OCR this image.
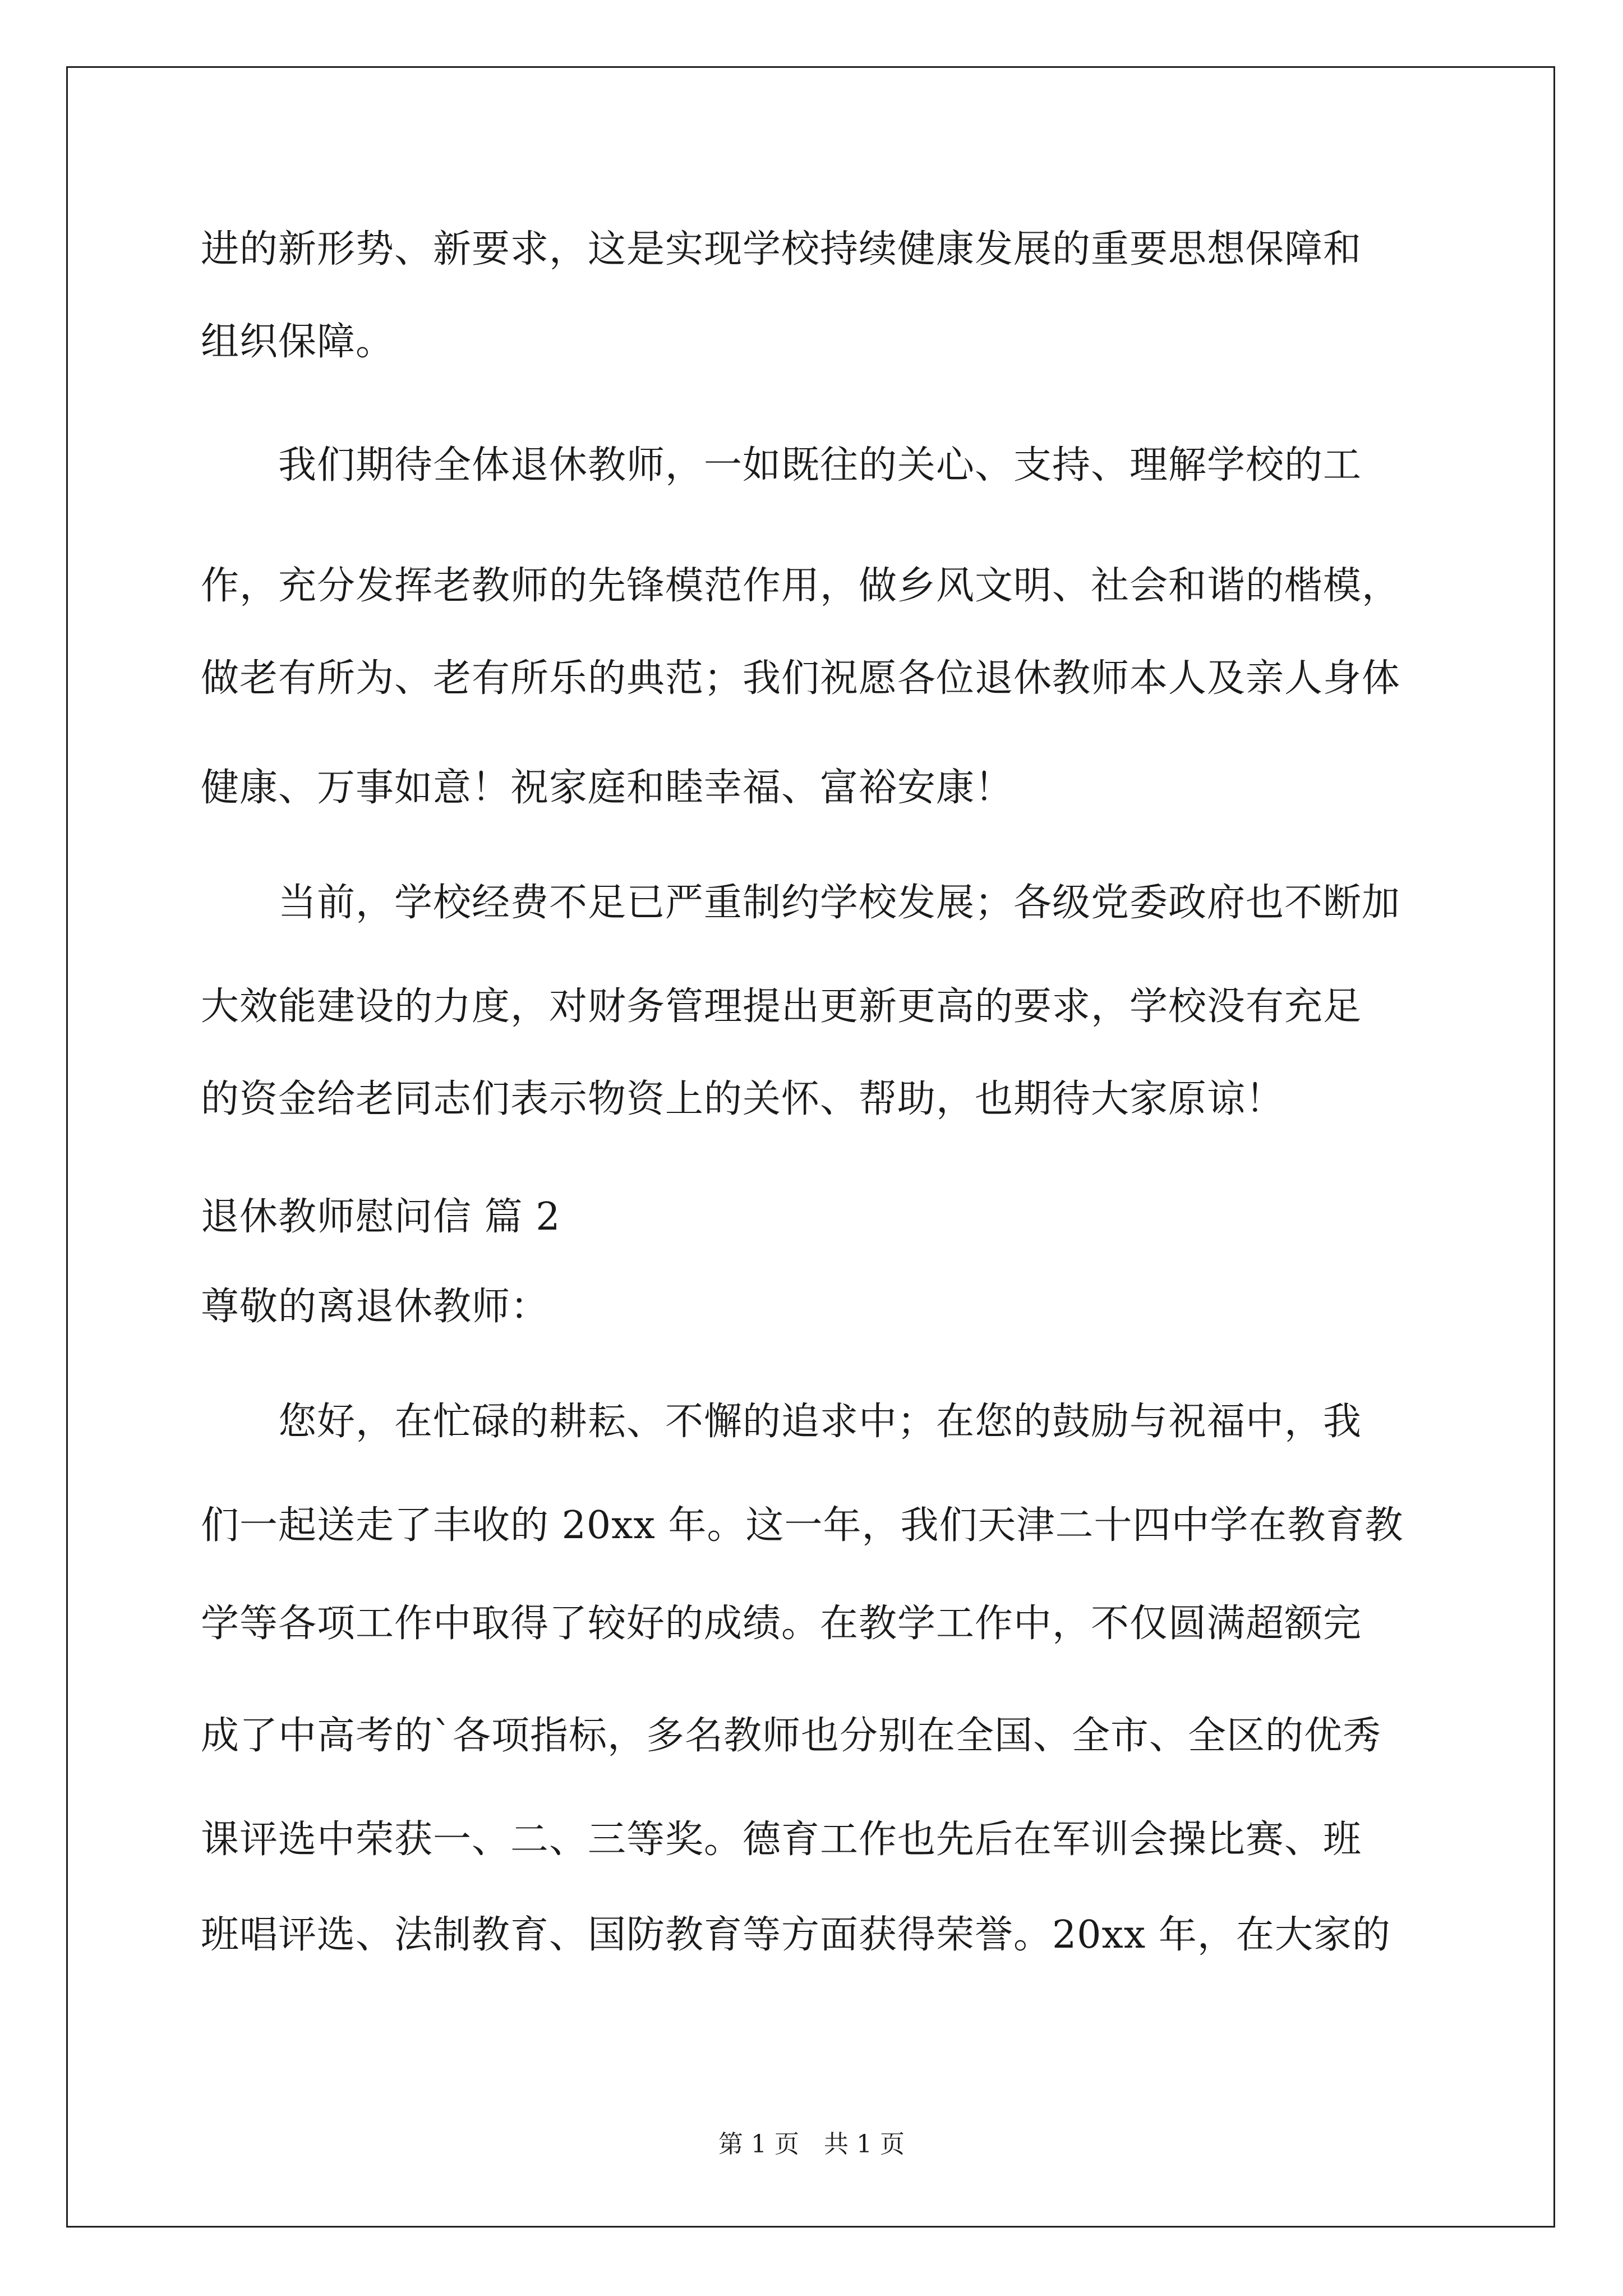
进的新形势、新要求，这是实现学校持续健康发展的重要思想保障和
组织保障。
　　我们期待全体退休教师，一如既往的关心、支持、理解学校的工
作，充分发挥老教师的先锋模范作用，做乡风文明、社会和谐的楷模，
做老有所为、老有所乐的典范；我们祝愿各位退休教师本人及亲人身体
健康、万事如意！祝家庭和睦幸福、富裕安康！
　　当前，学校经费不足已严重制约学校发展；各级党委政府也不断加
大效能建设的力度，对财务管理提出更新更高的要求，学校没有充足
的资金给老同志们表示物资上的关怀、帮助，也期待大家原谅！
退休教师慰问信 篇 2
尊敬的离退休教师：
　　您好，在忙碌的耕耘、不懈的追求中；在您的鼓励与祝福中，我
们一起送走了丰收的 20xx 年。这一年，我们天津二十四中学在教育教
学等各项工作中取得了较好的成绩。在教学工作中，不仅圆满超额完
成了中高考的`各项指标，多名教师也分别在全国、全市、全区的优秀
课评选中荣获一、二、三等奖。德育工作也先后在军训会操比赛、班
班唱评选、法制教育、国防教育等方面获得荣誉。20xx 年，在大家的
第 1 页　共 1 页
